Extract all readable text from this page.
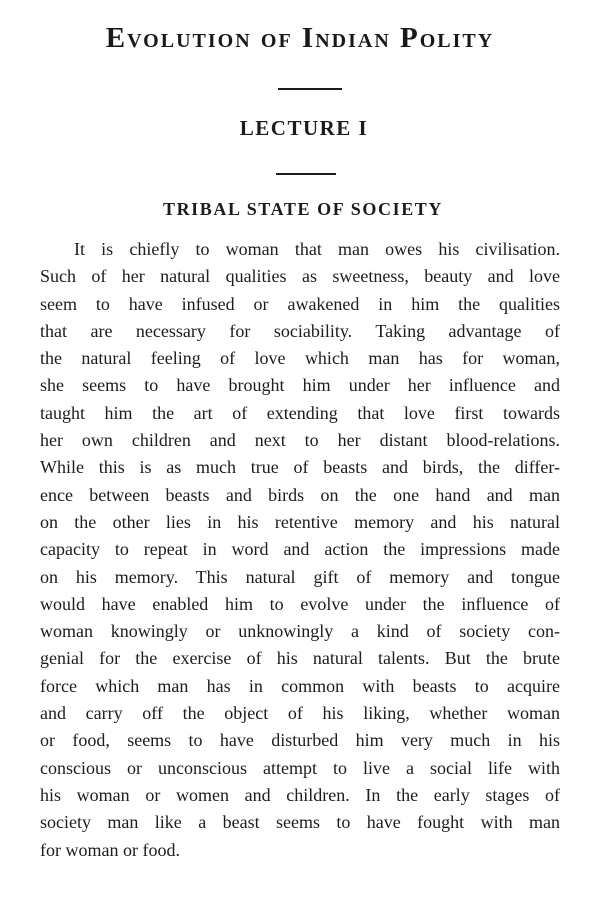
Evolution of Indian Polity
LECTURE I
TRIBAL STATE OF SOCIETY
It is chiefly to woman that man owes his civilisation.
Such of her natural qualities as sweetness, beauty and love
seem to have infused or awakened in him the qualities
that are necessary for sociability. Taking advantage of
the natural feeling of love which man has for woman,
she seems to have brought him under her influence and
taught him the art of extending that love first towards
her own children and next to her distant blood-relations.
While this is as much true of beasts and birds, the differ-
ence between beasts and birds on the one hand and man
on the other lies in his retentive memory and his natural
capacity to repeat in word and action the impressions made
on his memory. This natural gift of memory and tongue
would have enabled him to evolve under the influence of
woman knowingly or unknowingly a kind of society con-
genial for the exercise of his natural talents. But the brute
force which man has in common with beasts to acquire
and carry off the object of his liking, whether woman
or food, seems to have disturbed him very much in his
conscious or unconscious attempt to live a social life with
his woman or women and children. In the early stages of
society man like a beast seems to have fought with man
for woman or food.
